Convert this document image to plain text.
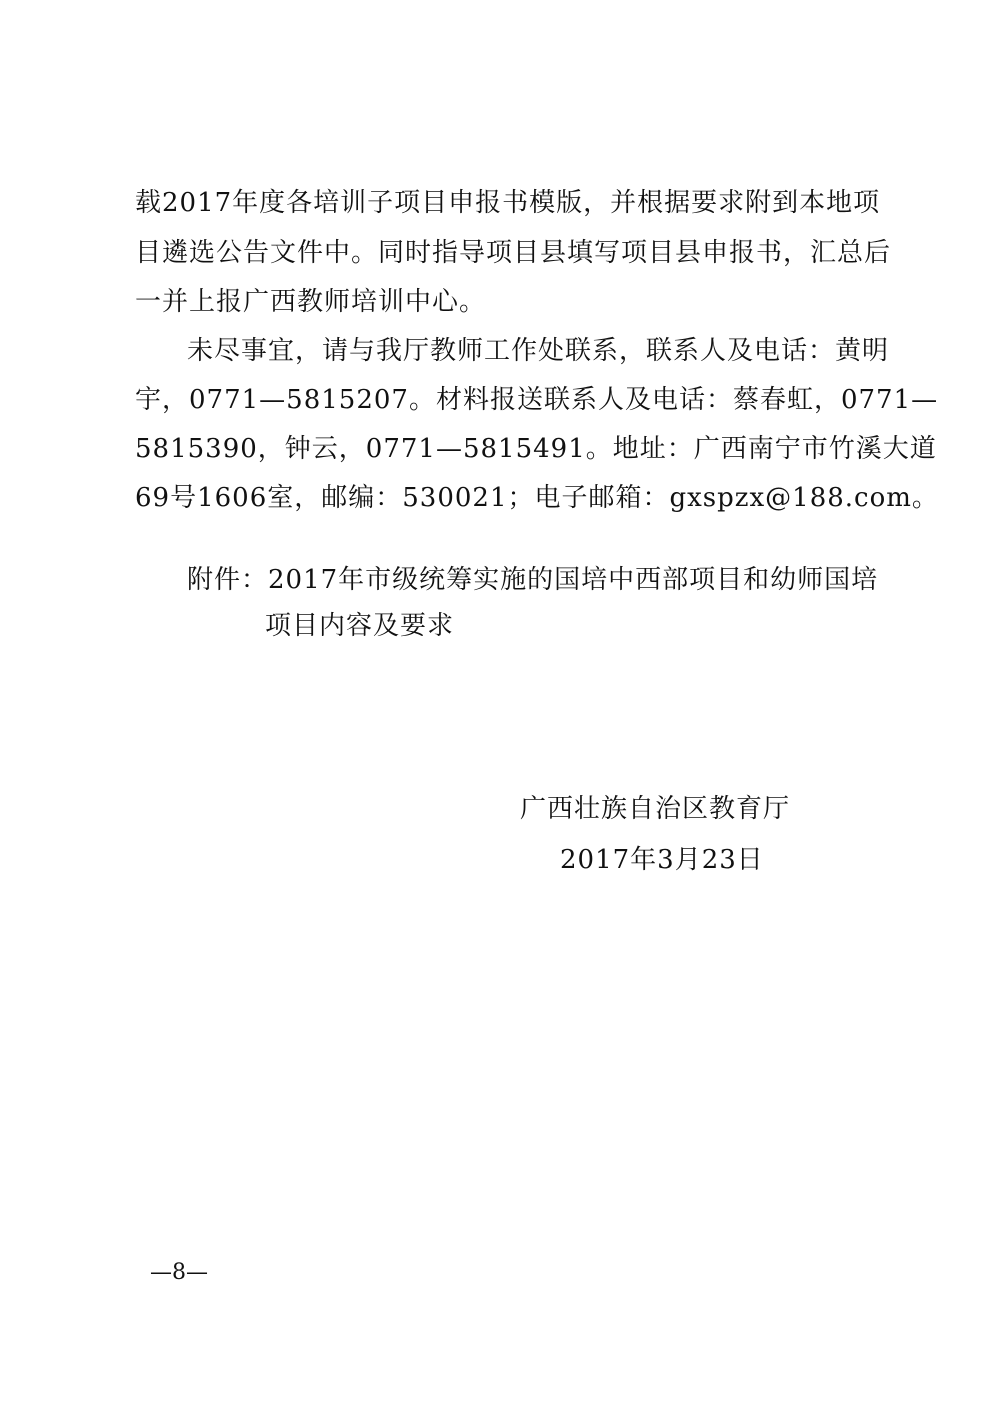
载2017年度各培训子项目申报书模版，并根据要求附到本地项
目遴选公告文件中。同时指导项目县填写项目县申报书，汇总后
一并上报广西教师培训中心。
未尽事宜，请与我厅教师工作处联系，联系人及电话：黄明
宇，0771—5815207。材料报送联系人及电话：蔡春虹，0771—
5815390，钟云，0771—5815491。地址：广西南宁市竹溪大道
69号1606室，邮编：530021；电子邮箱：gxspzx@188.com。
附件：2017年市级统筹实施的国培中西部项目和幼师国培
项目内容及要求
广西壮族自治区教育厅
2017年3月23日
—8—
